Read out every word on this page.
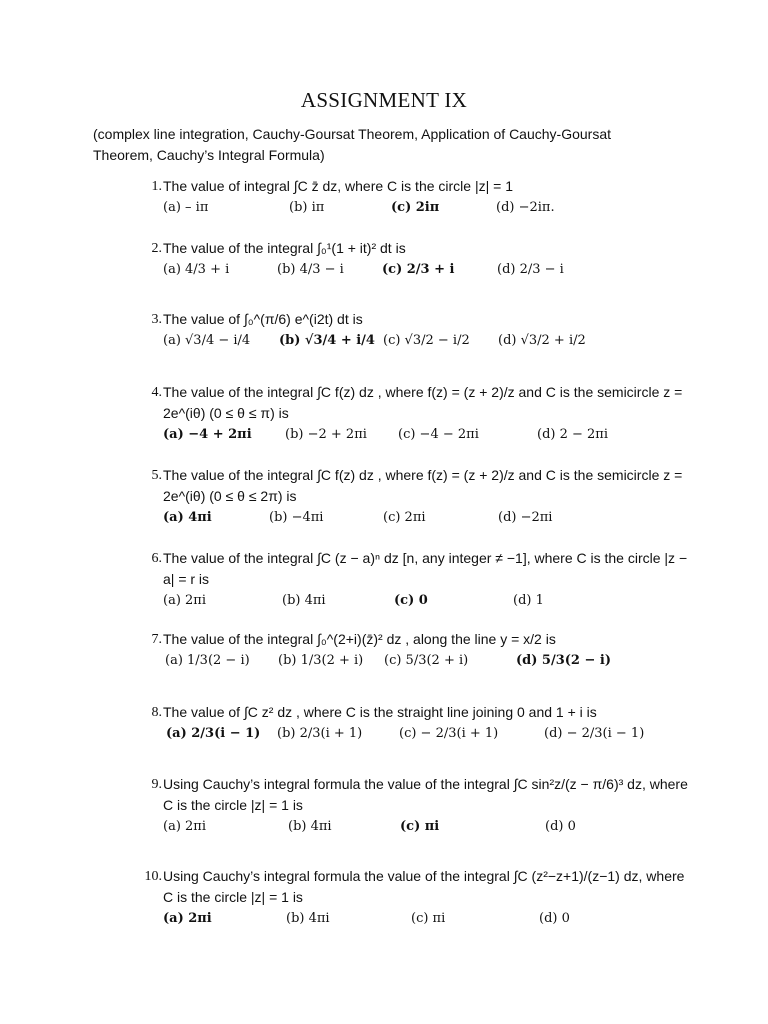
ASSIGNMENT IX
(complex line integration, Cauchy-Goursat Theorem, Application of Cauchy-Goursat Theorem, Cauchy’s Integral Formula)
1. The value of integral ∫C z̄ dz, where C is the circle |z| = 1
(a) – iπ	(b) iπ	(c) 2iπ	(d) −2iπ.
2. The value of the integral ∫₀¹(1 + it)² dt is
(a) 4/3 + i	(b) 4/3 − i	(c) 2/3 + i	(d) 2/3 − i
3. The value of ∫₀^(π/6) e^(i2t) dt is
(a) √3/4 − i/4 (b) √3/4 + i/4 (c) √3/2 − i/2 (d) √3/2 + i/2
4. The value of the integral ∫C f(z) dz , where f(z) = (z + 2)/z and C is the semicircle z = 2e^(iθ) (0 ≤ θ ≤ π) is
(a) −4 + 2πi	(b) −2 + 2πi (c) −4 − 2πi	(d) 2 − 2πi
5. The value of the integral ∫C f(z) dz , where f(z) = (z + 2)/z and C is the semicircle z = 2e^(iθ) (0 ≤ θ ≤ 2π) is
(a) 4πi	(b) −4πi	(c) 2πi	(d) −2πi
6. The value of the integral ∫C (z − a)ⁿ dz [n, any integer ≠ −1], where C is the circle |z − a| = r is
(a) 2πi	(b) 4πi	(c) 0	(d) 1
7. The value of the integral ∫₀^(2+i)(z̄)² dz , along the line y = x/2 is
(a) 1/3(2 − i) (b) 1/3(2 + i) (c) 5/3(2 + i)	(d) 5/3(2 − i)
8. The value of ∫C z² dz , where C is the straight line joining 0 and 1 + i is
(a) 2/3(i − 1) (b) 2/3(i + 1)	(c) − 2/3(i + 1)	(d) − 2/3(i − 1)
9. Using Cauchy’s integral formula the value of the integral ∫C sin²z/(z − π/6)³ dz, where C is the circle |z| = 1 is
(a) 2πi	(b) 4πi	(c) πi	(d) 0
10. Using Cauchy’s integral formula the value of the integral ∫C (z²−z+1)/(z−1) dz, where C is the circle |z| = 1 is
(a) 2πi	(b) 4πi	(c) πi	(d) 0
